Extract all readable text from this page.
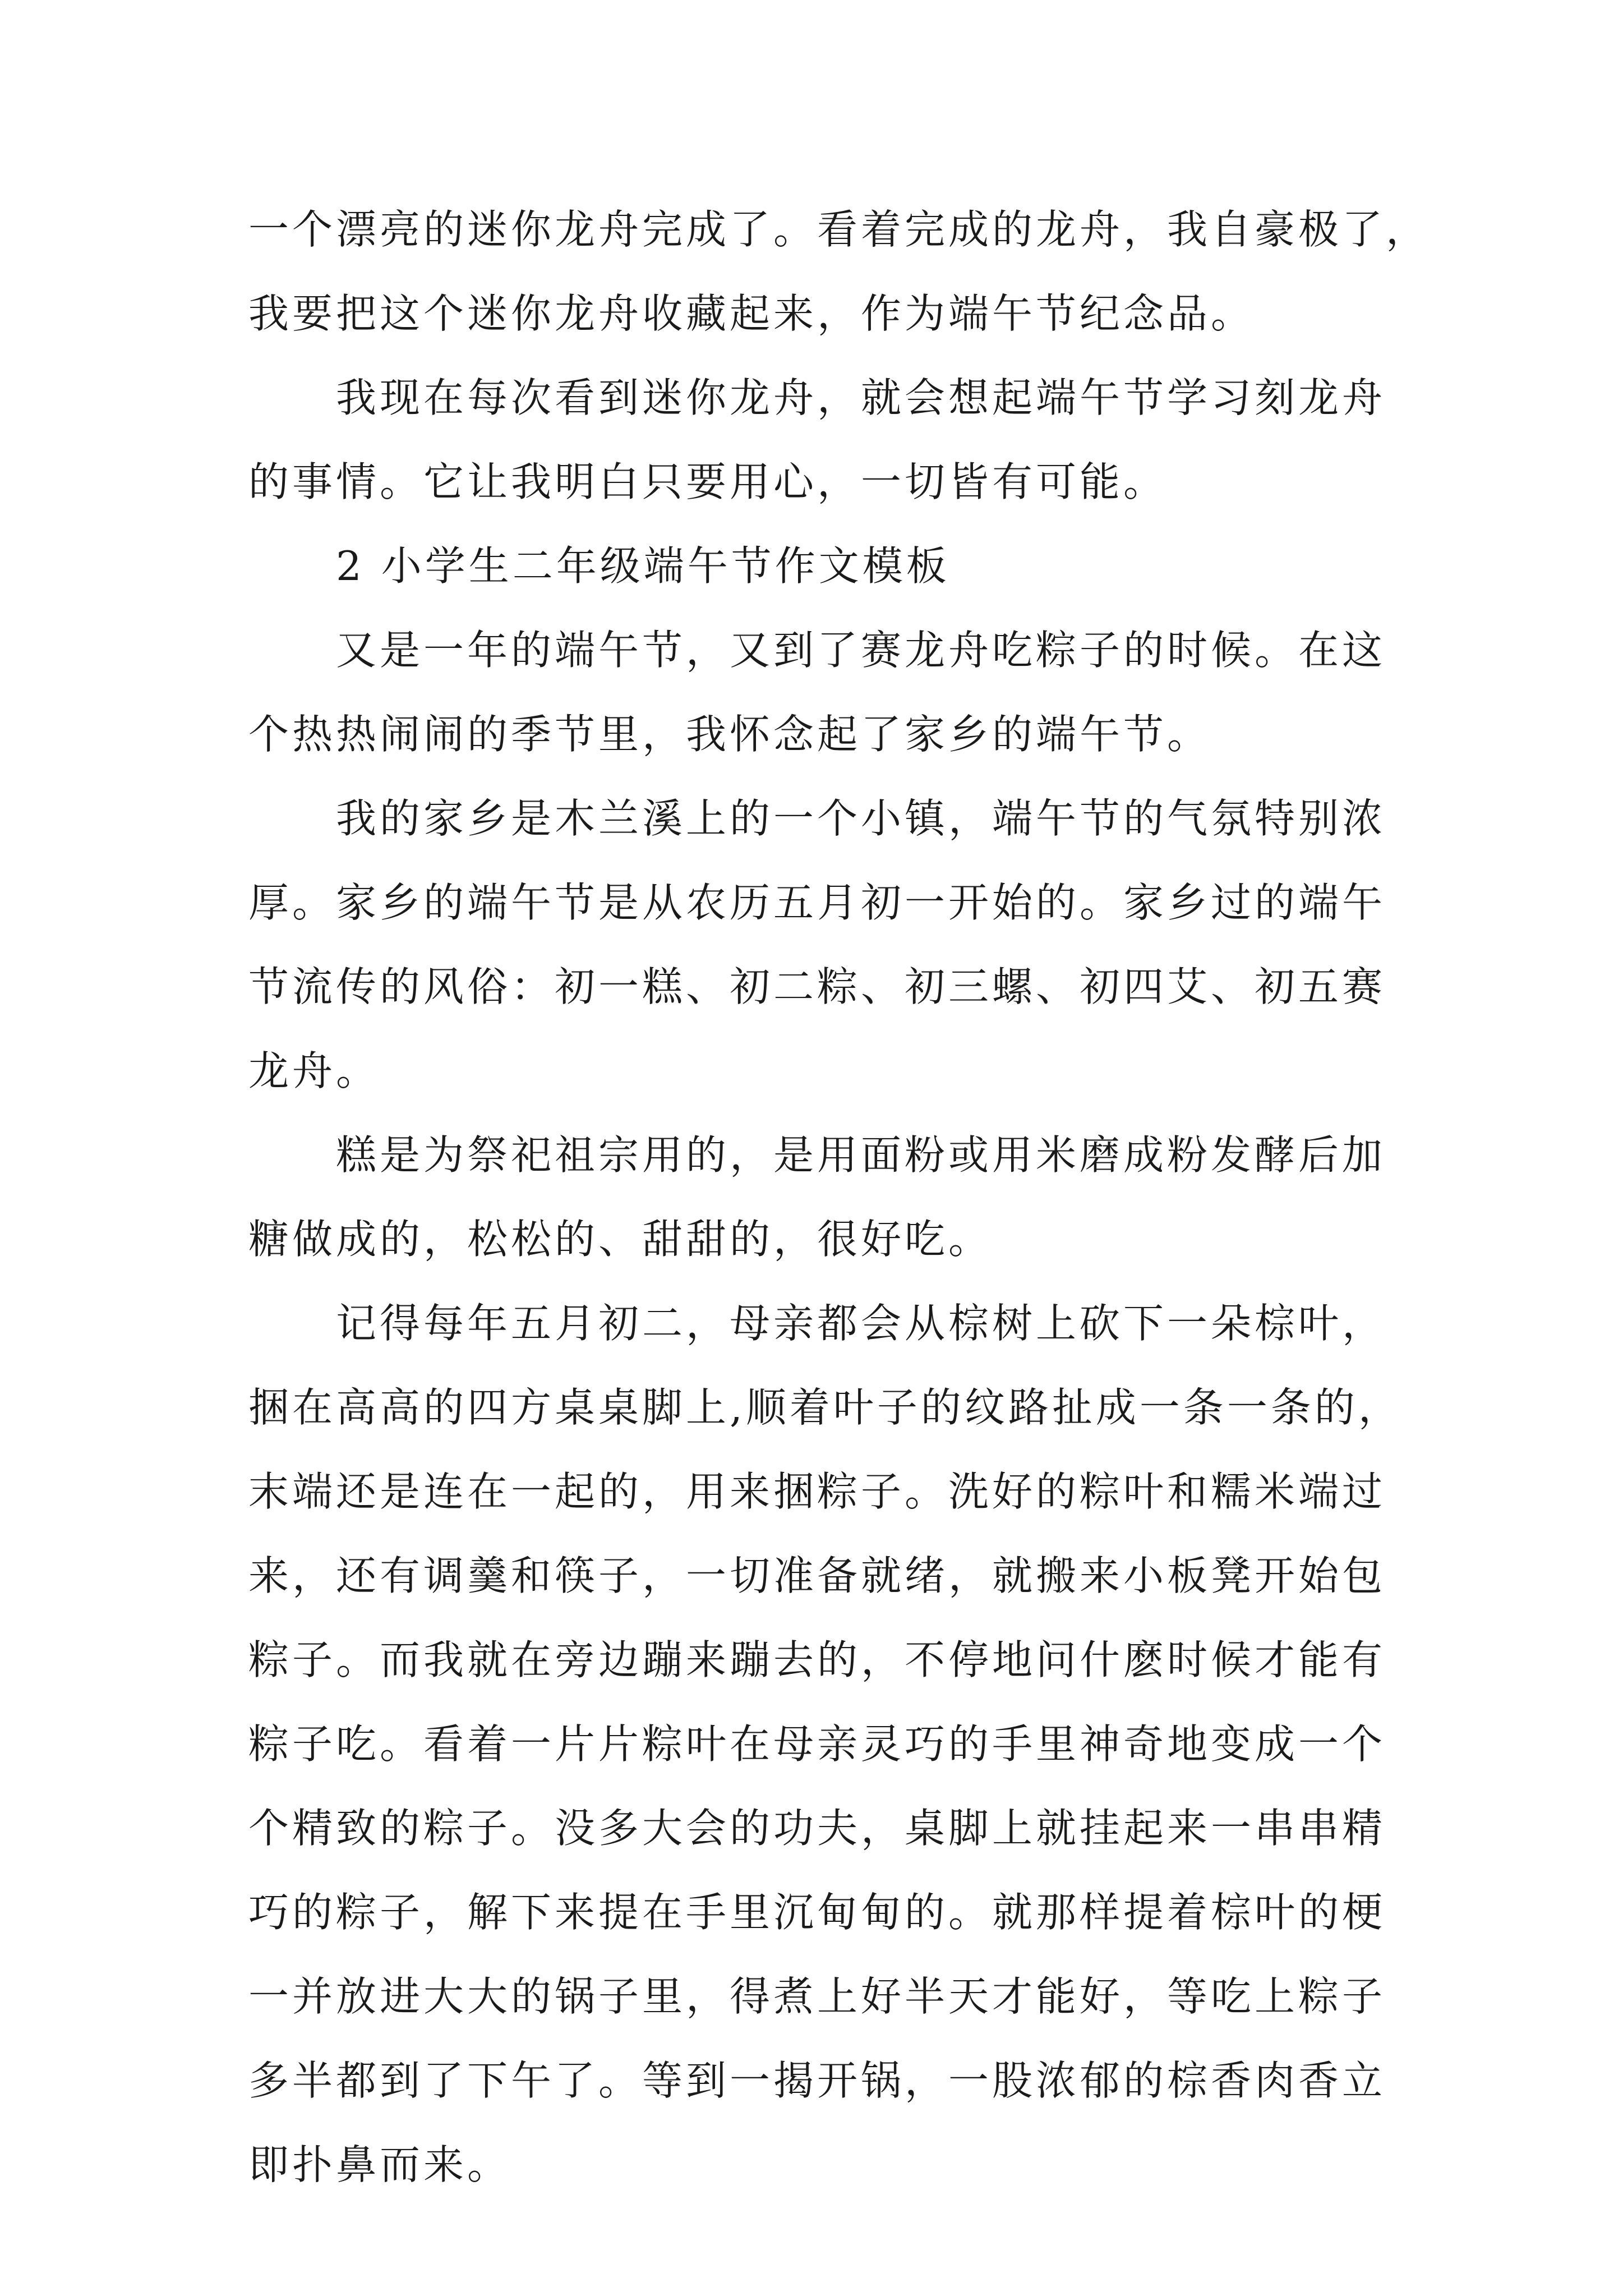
一个漂亮的迷你龙舟完成了。看着完成的龙舟，我自豪极了，
我要把这个迷你龙舟收藏起来，作为端午节纪念品。
我现在每次看到迷你龙舟，就会想起端午节学习刻龙舟
的事情。它让我明白只要用心，一切皆有可能。
2 小学生二年级端午节作文模板
又是一年的端午节，又到了赛龙舟吃粽子的时候。在这
个热热闹闹的季节里，我怀念起了家乡的端午节。
我的家乡是木兰溪上的一个小镇，端午节的气氛特别浓
厚。家乡的端午节是从农历五月初一开始的。家乡过的端午
节流传的风俗：初一糕、初二粽、初三螺、初四艾、初五赛
龙舟。
糕是为祭祀祖宗用的，是用面粉或用米磨成粉发酵后加
糖做成的，松松的、甜甜的，很好吃。
记得每年五月初二，母亲都会从棕树上砍下一朵棕叶，
捆在高高的四方桌桌脚上,顺着叶子的纹路扯成一条一条的，
末端还是连在一起的，用来捆粽子。洗好的粽叶和糯米端过
来，还有调羹和筷子，一切准备就绪，就搬来小板凳开始包
粽子。而我就在旁边蹦来蹦去的，不停地问什麽时候才能有
粽子吃。看着一片片粽叶在母亲灵巧的手里神奇地变成一个
个精致的粽子。没多大会的功夫，桌脚上就挂起来一串串精
巧的粽子，解下来提在手里沉甸甸的。就那样提着棕叶的梗
一并放进大大的锅子里，得煮上好半天才能好，等吃上粽子
多半都到了下午了。等到一揭开锅，一股浓郁的棕香肉香立
即扑鼻而来。
